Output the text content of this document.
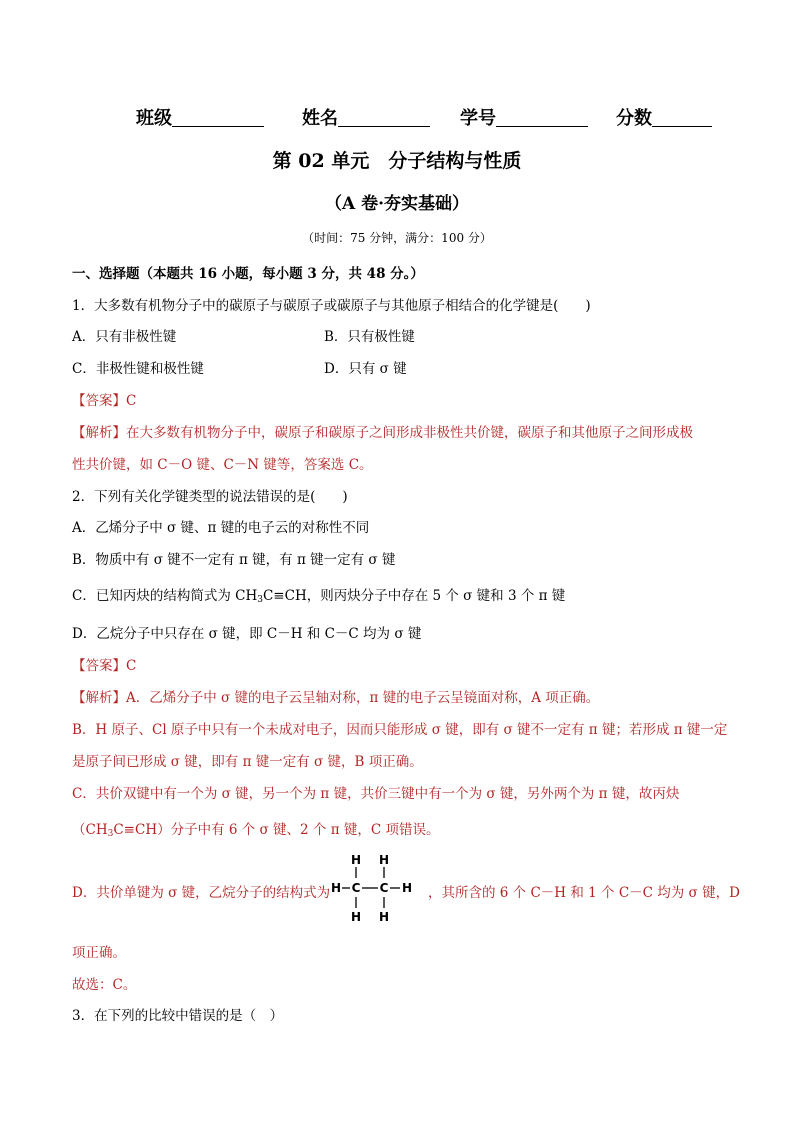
班级	姓名	学号	分数
第 02 单元　分子结构与性质
（A 卷·夯实基础）
（时间：75 分钟，满分：100 分）
一、选择题（本题共 16 小题，每小题 3 分，共 48 分。）
1．大多数有机物分子中的碳原子与碳原子或碳原子与其他原子相结合的化学键是(　　)
A．只有非极性键	B．只有极性键
C．非极性键和极性键	D．只有 σ 键
【答案】C
【解析】在大多数有机物分子中，碳原子和碳原子之间形成非极性共价键，碳原子和其他原子之间形成极
性共价键，如 C－O 键、C－N 键等，答案选 C。
2．下列有关化学键类型的说法错误的是(　　)
A．乙烯分子中 σ 键、π 键的电子云的对称性不同
B．物质中有 σ 键不一定有 π 键，有 π 键一定有 σ 键
C．已知丙炔的结构简式为 $CH_3C\equiv CH$，则丙炔分子中存在 5 个 σ 键和 3 个 π 键
D．乙烷分子中只存在 σ 键，即 C－H 和 C－C 均为 σ 键
【答案】C
【解析】A．乙烯分子中 σ 键的电子云呈轴对称，π 键的电子云呈镜面对称，A 项正确。
B．H 原子、Cl 原子中只有一个未成对电子，因而只能形成 σ 键，即有 σ 键不一定有 π 键；若形成 π 键一定
是原子间已形成 σ 键，即有 π 键一定有 σ 键，B 项正确。
C．共价双键中有一个为 σ 键，另一个为 π 键，共价三键中有一个为 σ 键，另外两个为 π 键，故丙炔
$(CH_3C\equiv CH)$分子中有 6 个 σ 键、2 个 π 键，C 项错误。
D．共价单键为 σ 键，乙烷分子的结构式为
H H
H C C H
H H
，其所含的 6 个 C－H 和 1 个 C－C 均为 σ 键，D
项正确。
故选：C。
3．在下列的比较中错误的是（　）
